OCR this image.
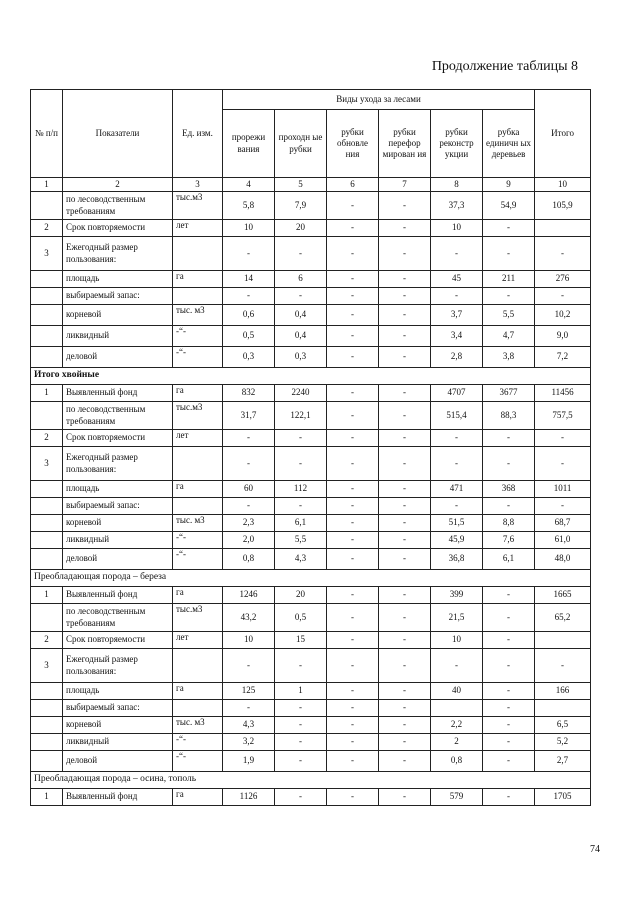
Продолжение таблицы 8
№ п/п	Показатели	Ед. изм.	Виды ухода за лесами						Итого
			прорежи вания	проходн ые рубки	рубки обновле ния	рубки перефор мирован ия	рубки реконстр укции	рубка единичн ых деревьев	
1	2	3	4	5	6	7	8	9	10
	по лесоводственным требованиям	тыс.м3	5,8	7,9	-	-	37,3	54,9	105,9
2	Срок повторяемости	лет	10	20	-	-	10	-	
3	Ежегодный размер пользования:		-	-	-	-	-	-	-
	площадь	га	14	6	-	-	45	211	276
	выбираемый запас:		-	-	-	-	-	-	-
	корневой	тыс. м3	0,6	0,4	-	-	3,7	5,5	10,2
	ликвидный	-“-	0,5	0,4	-	-	3,4	4,7	9,0
	деловой	-“-	0,3	0,3	-	-	2,8	3,8	7,2
Итого хвойные									
1	Выявленный фонд	га	832	2240	-	-	4707	3677	11456
	по лесоводственным требованиям	тыс.м3	31,7	122,1	-	-	515,4	88,3	757,5
2	Срок повторяемости	лет	-	-	-	-	-	-	-
3	Ежегодный размер пользования:		-	-	-	-	-	-	-
	площадь	га	60	112	-	-	471	368	1011
	выбираемый запас:		-	-	-	-	-	-	-
	корневой	тыс. м3	2,3	6,1	-	-	51,5	8,8	68,7
	ликвидный	-“-	2,0	5,5	-	-	45,9	7,6	61,0
	деловой	-“-	0,8	4,3	-	-	36,8	6,1	48,0
Преобладающая порода – береза									
1	Выявленный фонд	га	1246	20	-	-	399	-	1665
	по лесоводственным требованиям	тыс.м3	43,2	0,5	-	-	21,5	-	65,2
2	Срок повторяемости	лет	10	15	-	-	10	-	
3	Ежегодный размер пользования:		-	-	-	-	-	-	-
	площадь	га	125	1	-	-	40	-	166
	выбираемый запас:		-	-	-	-		-	
	корневой	тыс. м3	4,3	-	-	-	2,2	-	6,5
	ликвидный	-“-	3,2	-	-	-	2	-	5,2
	деловой	-“-	1,9	-	-	-	0,8	-	2,7
Преобладающая порода – осина, тополь									
1	Выявленный фонд	га	1126	-	-	-	579	-	1705
74
